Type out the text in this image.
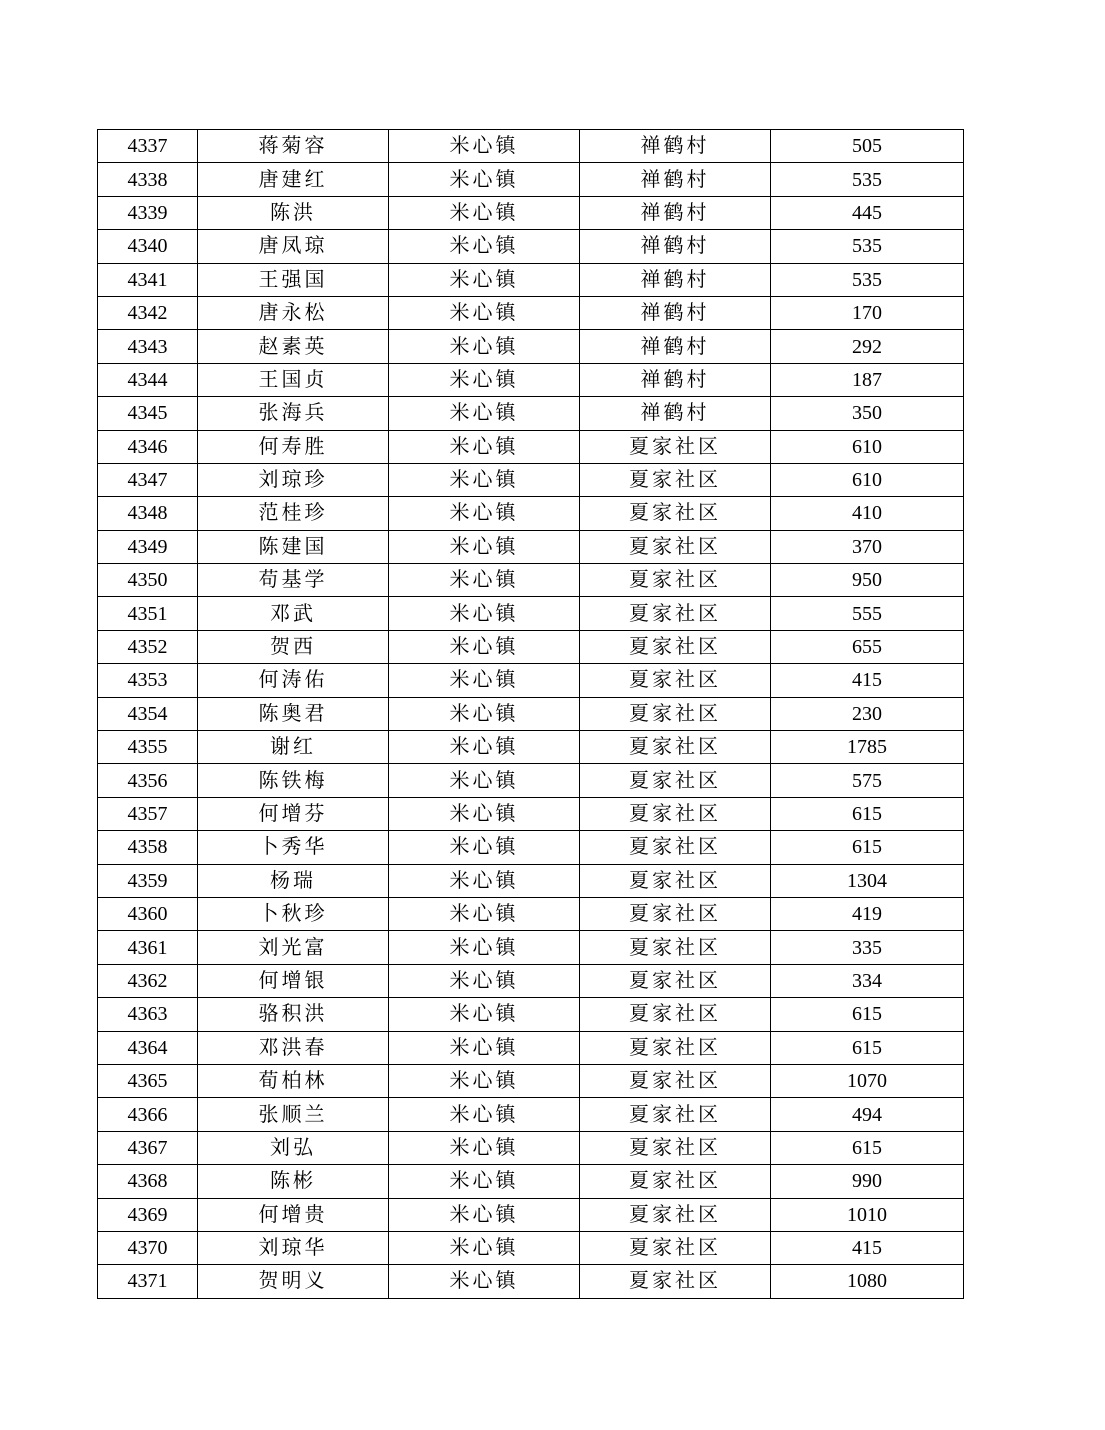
4337	蒋菊容	米心镇	禅鹤村	505
4338	唐建红	米心镇	禅鹤村	535
4339	陈洪	米心镇	禅鹤村	445
4340	唐凤琼	米心镇	禅鹤村	535
4341	王强国	米心镇	禅鹤村	535
4342	唐永松	米心镇	禅鹤村	170
4343	赵素英	米心镇	禅鹤村	292
4344	王国贞	米心镇	禅鹤村	187
4345	张海兵	米心镇	禅鹤村	350
4346	何寿胜	米心镇	夏家社区	610
4347	刘琼珍	米心镇	夏家社区	610
4348	范桂珍	米心镇	夏家社区	410
4349	陈建国	米心镇	夏家社区	370
4350	苟基学	米心镇	夏家社区	950
4351	邓武	米心镇	夏家社区	555
4352	贺西	米心镇	夏家社区	655
4353	何涛佑	米心镇	夏家社区	415
4354	陈奥君	米心镇	夏家社区	230
4355	谢红	米心镇	夏家社区	1785
4356	陈铁梅	米心镇	夏家社区	575
4357	何增芬	米心镇	夏家社区	615
4358	卜秀华	米心镇	夏家社区	615
4359	杨瑞	米心镇	夏家社区	1304
4360	卜秋珍	米心镇	夏家社区	419
4361	刘光富	米心镇	夏家社区	335
4362	何增银	米心镇	夏家社区	334
4363	骆积洪	米心镇	夏家社区	615
4364	邓洪春	米心镇	夏家社区	615
4365	荀柏林	米心镇	夏家社区	1070
4366	张顺兰	米心镇	夏家社区	494
4367	刘弘	米心镇	夏家社区	615
4368	陈彬	米心镇	夏家社区	990
4369	何增贵	米心镇	夏家社区	1010
4370	刘琼华	米心镇	夏家社区	415
4371	贺明义	米心镇	夏家社区	1080
